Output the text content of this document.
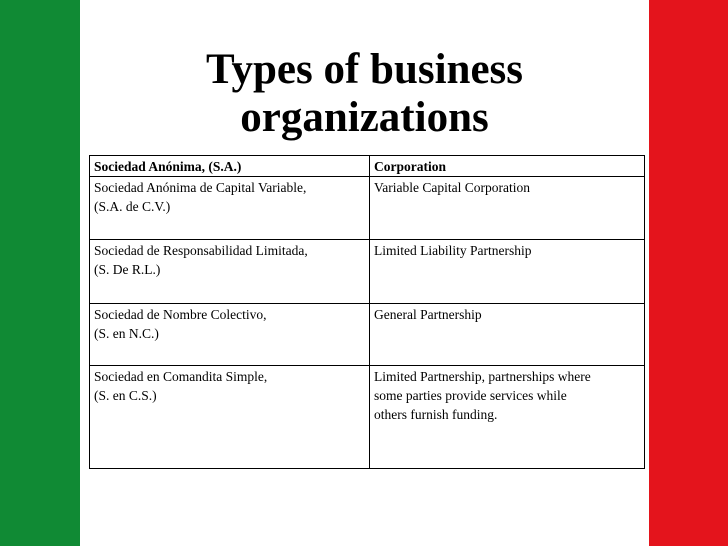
Types of business
organizations
Sociedad Anónima, (S.A.)	Corporation

Sociedad Anónima de Capital Variable,
(S.A. de C.V.)	Variable Capital Corporation

Sociedad de Responsabilidad Limitada,
(S. De R.L.)	Limited Liability Partnership

Sociedad de Nombre Colectivo,
(S. en N.C.)	General Partnership

Sociedad en Comandita Simple,
(S. en C.S.)	Limited Partnership, partnerships where
some parties provide services while
others furnish funding.
